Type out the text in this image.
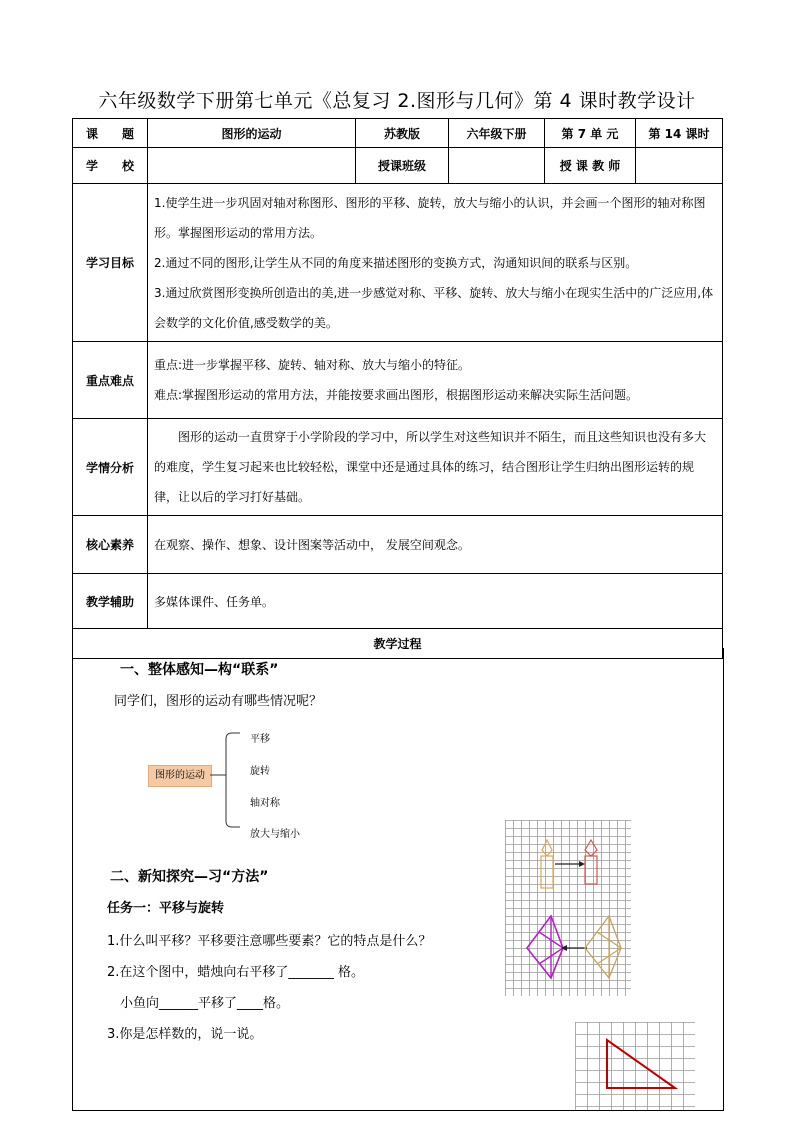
六年级数学下册第七单元《总复习 2.图形与几何》第 4 课时教学设计
课　　题	图形的运动	苏教版	六年级下册	第 7 单 元	第 14 课时
学　　校		授课班级		授 课 教 师	
学习目标	1.使学生进一步巩固对轴对称图形、图形的平移、旋转，放大与缩小的认识，并会画一个图形的轴对称图形。掌握图形运动的常用方法。
2.通过不同的图形,让学生从不同的角度来描述图形的变换方式，沟通知识间的联系与区别。
3.通过欣赏图形变换所创造出的美,进一步感觉对称、平移、旋转、放大与缩小在现实生活中的广泛应用,体会数学的文化价值,感受数学的美。				

重点难点	重点:进一步掌握平移、旋转、轴对称、放大与缩小的特征。
难点:掌握图形运动的常用方法，并能按要求画出图形，根据图形运动来解决实际生活问题。				

学情分析	图形的运动一直贯穿于小学阶段的学习中，所以学生对这些知识并不陌生，而且这些知识也没有多大的难度，学生复习起来也比较轻松，课堂中还是通过具体的练习，结合图形让学生归纳出图形运转的规律，让以后的学习打好基础。				
核心素养	在观察、操作、想象、设计图案等活动中， 发展空间观念。				
教学辅助	多媒体课件、任务单。				
教学过程					
一、整体感知—构“联系”
同学们，图形的运动有哪些情况呢？
图形的运动
平移
旋转
轴对称
放大与缩小
二、新知探究—习“方法”
任务一：平移与旋转
1.什么叫平移？平移要注意哪些要素？它的特点是什么？
2.在这个图中，蜡烛向右平移了_______ 格。
小鱼向______平移了____格。
3.你是怎样数的，说一说。
